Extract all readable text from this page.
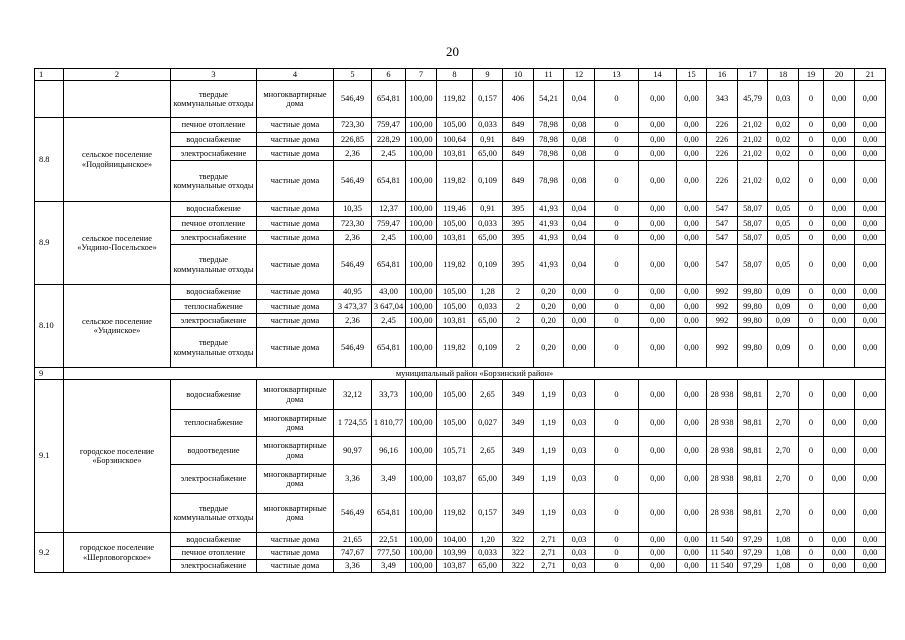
20
1	2	3	4	5	6	7	8	9	10	11	12	13	14	15	16	17	18	19	20	21
		твердые коммунальные отходы	многоквартирные дома	546,49	654,81	100,00	119,82	0,157	406	54,21	0,04	0	0,00	0,00	343	45,79	0,03	0	0,00	0,00
8.8	сельское поселение «Подойницынское»	печное отопление	частные дома	723,30	759,47	100,00	105,00	0,033	849	78,98	0,08	0	0,00	0,00	226	21,02	0,02	0	0,00	0,00
		водоснабжение	частные дома	226,85	228,29	100,00	100,64	0,91	849	78,98	0,08	0	0,00	0,00	226	21,02	0,02	0	0,00	0,00
		электроснабжение	частные дома	2,36	2,45	100,00	103,81	65,00	849	78,98	0,08	0	0,00	0,00	226	21,02	0,02	0	0,00	0,00
		твердые коммунальные отходы	частные дома	546,49	654,81	100,00	119,82	0,109	849	78,98	0,08	0	0,00	0,00	226	21,02	0,02	0	0,00	0,00
8.9	сельское поселение «Ундино-Посельское»	водоснабжение	частные дома	10,35	12,37	100,00	119,46	0,91	395	41,93	0,04	0	0,00	0,00	547	58,07	0,05	0	0,00	0,00
		печное отопление	частные дома	723,30	759,47	100,00	105,00	0,033	395	41,93	0,04	0	0,00	0,00	547	58,07	0,05	0	0,00	0,00
		электроснабжение	частные дома	2,36	2,45	100,00	103,81	65,00	395	41,93	0,04	0	0,00	0,00	547	58,07	0,05	0	0,00	0,00
		твердые коммунальные отходы	частные дома	546,49	654,81	100,00	119,82	0,109	395	41,93	0,04	0	0,00	0,00	547	58,07	0,05	0	0,00	0,00
8.10	сельское поселение «Ундинское»	водоснабжение	частные дома	40,95	43,00	100,00	105,00	1,28	2	0,20	0,00	0	0,00	0,00	992	99,80	0,09	0	0,00	0,00
		теплоснабжение	частные дома	3 473,37	3 647,04	100,00	105,00	0,033	2	0,20	0,00	0	0,00	0,00	992	99,80	0,09	0	0,00	0,00
		электроснабжение	частные дома	2,36	2,45	100,00	103,81	65,00	2	0,20	0,00	0	0,00	0,00	992	99,80	0,09	0	0,00	0,00
		твердые коммунальные отходы	частные дома	546,49	654,81	100,00	119,82	0,109	2	0,20	0,00	0	0,00	0,00	992	99,80	0,09	0	0,00	0,00
9	муниципальный район «Борзинский район»																			
9.1	городское поселение «Борзинское»	водоснабжение	многоквартирные дома	32,12	33,73	100,00	105,00	2,65	349	1,19	0,03	0	0,00	0,00	28 938	98,81	2,70	0	0,00	0,00
		теплоснабжение	многоквартирные дома	1 724,55	1 810,77	100,00	105,00	0,027	349	1,19	0,03	0	0,00	0,00	28 938	98,81	2,70	0	0,00	0,00
		водоотведение	многоквартирные дома	90,97	96,16	100,00	105,71	2,65	349	1,19	0,03	0	0,00	0,00	28 938	98,81	2,70	0	0,00	0,00
		электроснабжение	многоквартирные дома	3,36	3,49	100,00	103,87	65,00	349	1,19	0,03	0	0,00	0,00	28 938	98,81	2,70	0	0,00	0,00
		твердые коммунальные отходы	многоквартирные дома	546,49	654,81	100,00	119,82	0,157	349	1,19	0,03	0	0,00	0,00	28 938	98,81	2,70	0	0,00	0,00
9.2	городское поселение «Шерловогорское»	водоснабжение	частные дома	21,65	22,51	100,00	104,00	1,20	322	2,71	0,03	0	0,00	0,00	11 540	97,29	1,08	0	0,00	0,00
		печное отопление	частные дома	747,67	777,50	100,00	103,99	0,033	322	2,71	0,03	0	0,00	0,00	11 540	97,29	1,08	0	0,00	0,00
		электроснабжение	частные дома	3,36	3,49	100,00	103,87	65,00	322	2,71	0,03	0	0,00	0,00	11 540	97,29	1,08	0	0,00	0,00
